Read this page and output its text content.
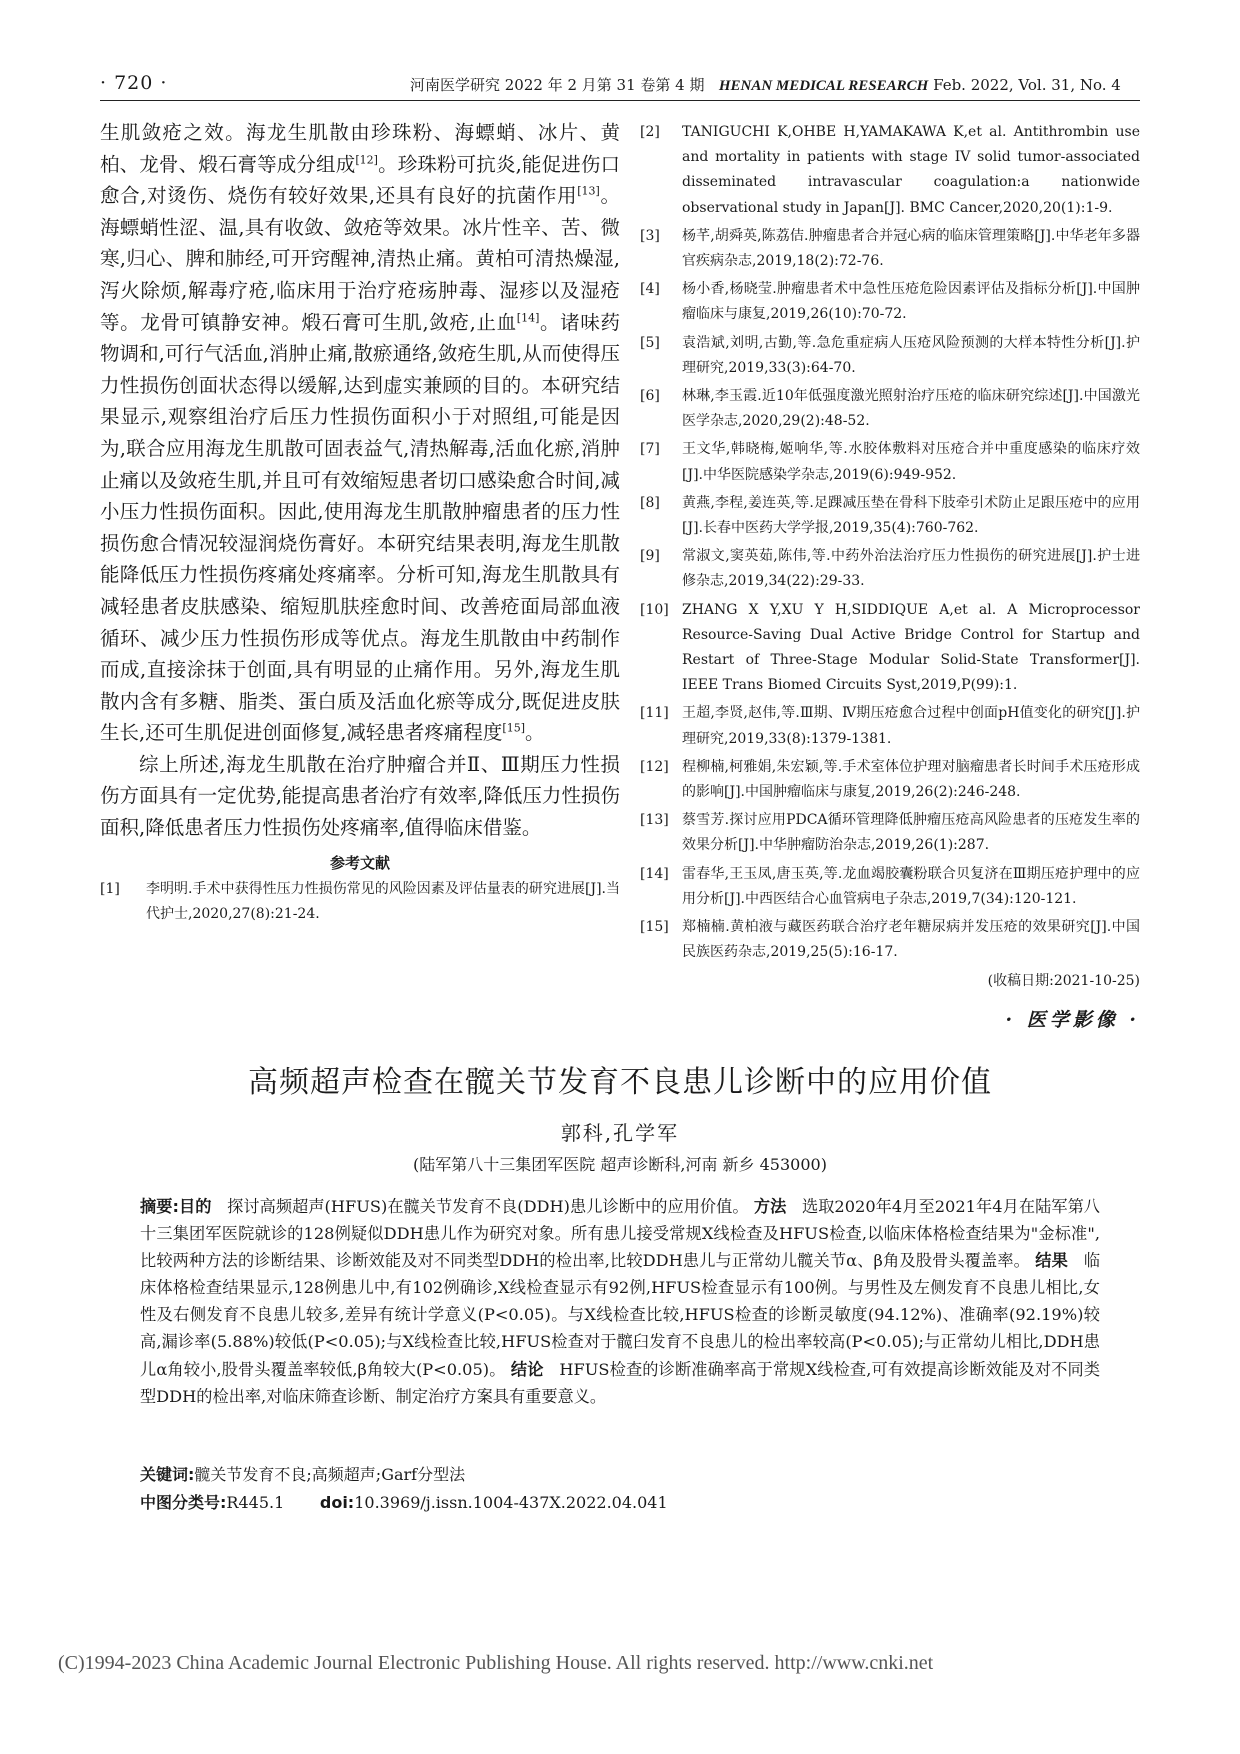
· 720 ·	河南医学研究 2022 年 2 月第 31 卷第 4 期 HENAN MEDICAL RESEARCH Feb. 2022, Vol. 31, No. 4

生肌敛疮之效。海龙生肌散由珍珠粉、海螵蛸、冰片、黄柏、龙骨、煅石膏等成分组成[12]。珍珠粉可抗炎,能促进伤口愈合,对烫伤、烧伤有较好效果,还具有良好的抗菌作用[13]。海螵蛸性涩、温,具有收敛、敛疮等效果。冰片性辛、苦、微寒,归心、脾和肺经,可开窍醒神,清热止痛。黄柏可清热燥湿,泻火除烦,解毒疗疮,临床用于治疗疮疡肿毒、湿疹以及湿疮等。龙骨可镇静安神。煅石膏可生肌,敛疮,止血[14]。诸味药物调和,可行气活血,消肿止痛,散瘀通络,敛疮生肌,从而使得压力性损伤创面状态得以缓解,达到虚实兼顾的目的。本研究结果显示,观察组治疗后压力性损伤面积小于对照组,可能是因为,联合应用海龙生肌散可固表益气,清热解毒,活血化瘀,消肿止痛以及敛疮生肌,并且可有效缩短患者切口感染愈合时间,减小压力性损伤面积。因此,使用海龙生肌散肿瘤患者的压力性损伤愈合情况较湿润烧伤膏好。本研究结果表明,海龙生肌散能降低压力性损伤疼痛处疼痛率。分析可知,海龙生肌散具有减轻患者皮肤感染、缩短肌肤痊愈时间、改善疮面局部血液循环、减少压力性损伤形成等优点。海龙生肌散由中药制作而成,直接涂抹于创面,具有明显的止痛作用。另外,海龙生肌散内含有多糖、脂类、蛋白质及活血化瘀等成分,既促进皮肤生长,还可生肌促进创面修复,减轻患者疼痛程度[15]。

综上所述,海龙生肌散在治疗肿瘤合并Ⅱ、Ⅲ期压力性损伤方面具有一定优势,能提高患者治疗有效率,降低压力性损伤面积,降低患者压力性损伤处疼痛率,值得临床借鉴。

参考文献
[1]	李明明.手术中获得性压力性损伤常见的风险因素及评估量表的研究进展[J].当代护士,2020,27(8):21-24.
[2]	TANIGUCHI K,OHBE H,YAMAKAWA K,et al. Antithrombin use and mortality in patients with stage IV solid tumor-associated disseminated intravascular coagulation:a nationwide observational study in Japan[J]. BMC Cancer,2020,20(1):1-9.
[3]	杨芊,胡舜英,陈荔佶.肿瘤患者合并冠心病的临床管理策略[J].中华老年多器官疾病杂志,2019,18(2):72-76.
[4]	杨小香,杨晓莹.肿瘤患者术中急性压疮危险因素评估及指标分析[J].中国肿瘤临床与康复,2019,26(10):70-72.
[5]	袁浩斌,刘明,古勤,等.急危重症病人压疮风险预测的大样本特性分析[J].护理研究,2019,33(3):64-70.
[6]	林琳,李玉霞.近10年低强度激光照射治疗压疮的临床研究综述[J].中国激光医学杂志,2020,29(2):48-52.
[7]	王文华,韩晓梅,姬响华,等.水胶体敷料对压疮合并中重度感染的临床疗效[J].中华医院感染学杂志,2019(6):949-952.
[8]	黄燕,李程,姜连英,等.足踝减压垫在骨科下肢牵引术防止足跟压疮中的应用[J].长春中医药大学学报,2019,35(4):760-762.
[9]	常淑文,窦英茹,陈伟,等.中药外治法治疗压力性损伤的研究进展[J].护士进修杂志,2019,34(22):29-33.
[10] ZHANG X Y,XU Y H,SIDDIQUE A,et al. A Microprocessor Resource-Saving Dual Active Bridge Control for Startup and Restart of Three-Stage Modular Solid-State Transformer[J]. IEEE Trans Biomed Circuits Syst,2019,P(99):1.
[11] 王超,李贤,赵伟,等.Ⅲ期、Ⅳ期压疮愈合过程中创面pH值变化的研究[J].护理研究,2019,33(8):1379-1381.
[12] 程柳楠,柯雅娟,朱宏颖,等.手术室体位护理对脑瘤患者长时间手术压疮形成的影响[J].中国肿瘤临床与康复,2019,26(2):246-248.
[13] 蔡雪芳.探讨应用PDCA循环管理降低肿瘤压疮高风险患者的压疮发生率的效果分析[J].中华肿瘤防治杂志,2019,26(1):287.
[14] 雷春华,王玉凤,唐玉英,等.龙血竭胶囊粉联合贝复济在Ⅲ期压疮护理中的应用分析[J].中西医结合心血管病电子杂志,2019,7(34):120-121.
[15] 郑楠楠.黄柏液与藏医药联合治疗老年糖尿病并发压疮的效果研究[J].中国民族医药杂志,2019,25(5):16-17.
(收稿日期:2021-10-25)
· 医学影像 ·
高频超声检查在髋关节发育不良患儿诊断中的应用价值
郭科,孔学军
(陆军第八十三集团军医院 超声诊断科,河南 新乡 453000)
摘要:目的 探讨高频超声(HFUS)在髋关节发育不良(DDH)患儿诊断中的应用价值。 方法 选取2020年4月至2021年4月在陆军第八十三集团军医院就诊的128例疑似DDH患儿作为研究对象。所有患儿接受常规X线检查及HFUS检查,以临床体格检查结果为"金标准",比较两种方法的诊断结果、诊断效能及对不同类型DDH的检出率,比较DDH患儿与正常幼儿髋关节α、β角及股骨头覆盖率。 结果 临床体格检查结果显示,128例患儿中,有102例确诊,X线检查显示有92例,HFUS检查显示有100例。与男性及左侧发育不良患儿相比,女性及右侧发育不良患儿较多,差异有统计学意义(P<0.05)。与X线检查比较,HFUS检查的诊断灵敏度(94.12%)、准确率(92.19%)较高,漏诊率(5.88%)较低(P<0.05);与X线检查比较,HFUS检查对于髋臼发育不良患儿的检出率较高(P<0.05);与正常幼儿相比,DDH患儿α角较小,股骨头覆盖率较低,β角较大(P<0.05)。 结论 HFUS检查的诊断准确率高于常规X线检查,可有效提高诊断效能及对不同类型DDH的检出率,对临床筛查诊断、制定治疗方案具有重要意义。
关键词:髋关节发育不良;高频超声;Garf分型法
中图分类号:R445.1 doi:10.3969/j.issn.1004-437X.2022.04.041
(C)1994-2023 China Academic Journal Electronic Publishing House. All rights reserved. http://www.cnki.net
